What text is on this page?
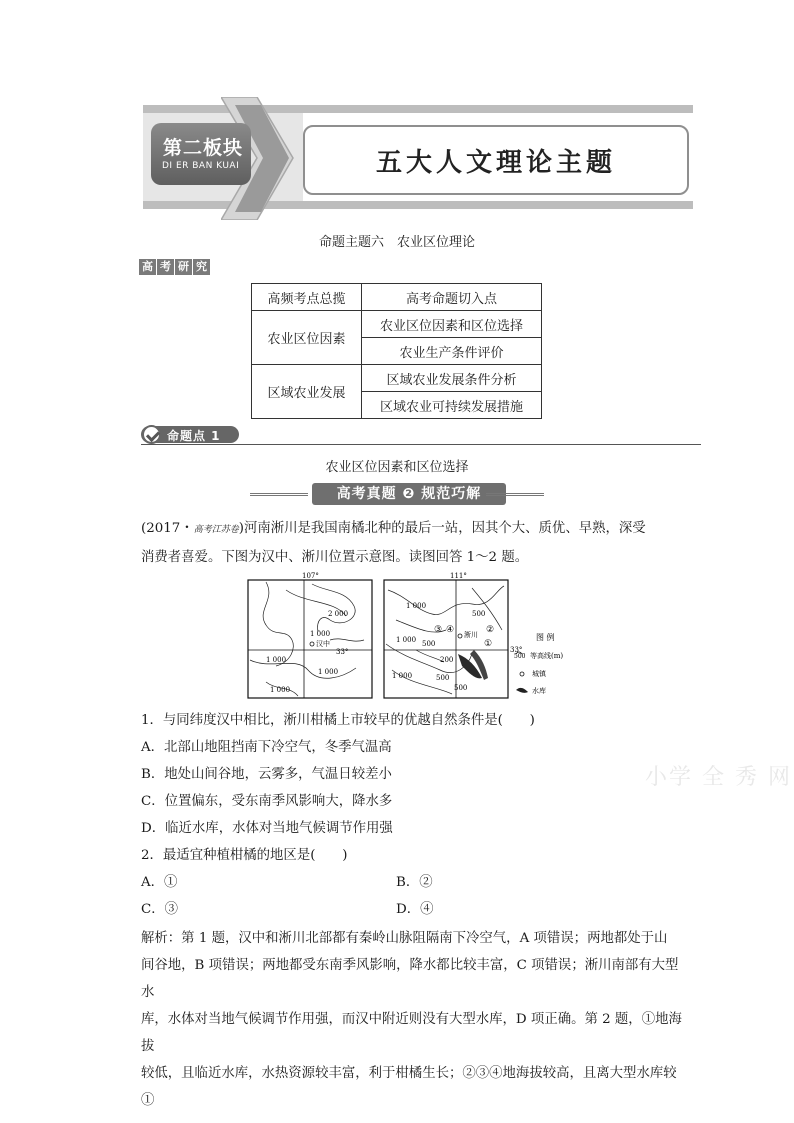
第二板块
DI ER BAN KUAI	五大人文理论主题
命题主题六　农业区位理论
高 考 研 究
高频考点总揽	高考命题切入点
农业区位因素	农业区位因素和区位选择
	农业生产条件评价
区域农业发展	区域农业发展条件分析
	区域农业可持续发展措施
命题点 1
农业区位因素和区位选择
高考真题 ❷ 规范巧解
(2017・高考江苏卷)河南淅川是我国南橘北种的最后一站，因其个大、质优、早熟，深受
消费者喜爱。下图为汉中、淅川位置示意图。读图回答 1～2 题。
107°
33°
2 000
1 000
1 000
1 000
1 000
汉中
111°
33°
1 000
500
1 000 500
200
1 000	500
500
淅川
①
②
③ ④
图 例
500 等高线(m)
城镇
水库
1．与同纬度汉中相比，淅川柑橘上市较早的优越自然条件是(　　)
A．北部山地阻挡南下冷空气，冬季气温高
B．地处山间谷地，云雾多，气温日较差小
C．位置偏东，受东南季风影响大，降水多
D．临近水库，水体对当地气候调节作用强
2．最适宜种植柑橘的地区是(　　)
A．①	B．②
C．③	D．④
解析：第 1 题，汉中和淅川北部都有秦岭山脉阻隔南下冷空气，A 项错误；两地都处于山
间谷地，B 项错误；两地都受东南季风影响，降水都比较丰富，C 项错误；淅川南部有大型水
库，水体对当地气候调节作用强，而汉中附近则没有大型水库，D 项正确。第 2 题，①地海拔
较低，且临近水库，水热资源较丰富，利于柑橘生长；②③④地海拔较高，且离大型水库较①
小学 全 秀 网
